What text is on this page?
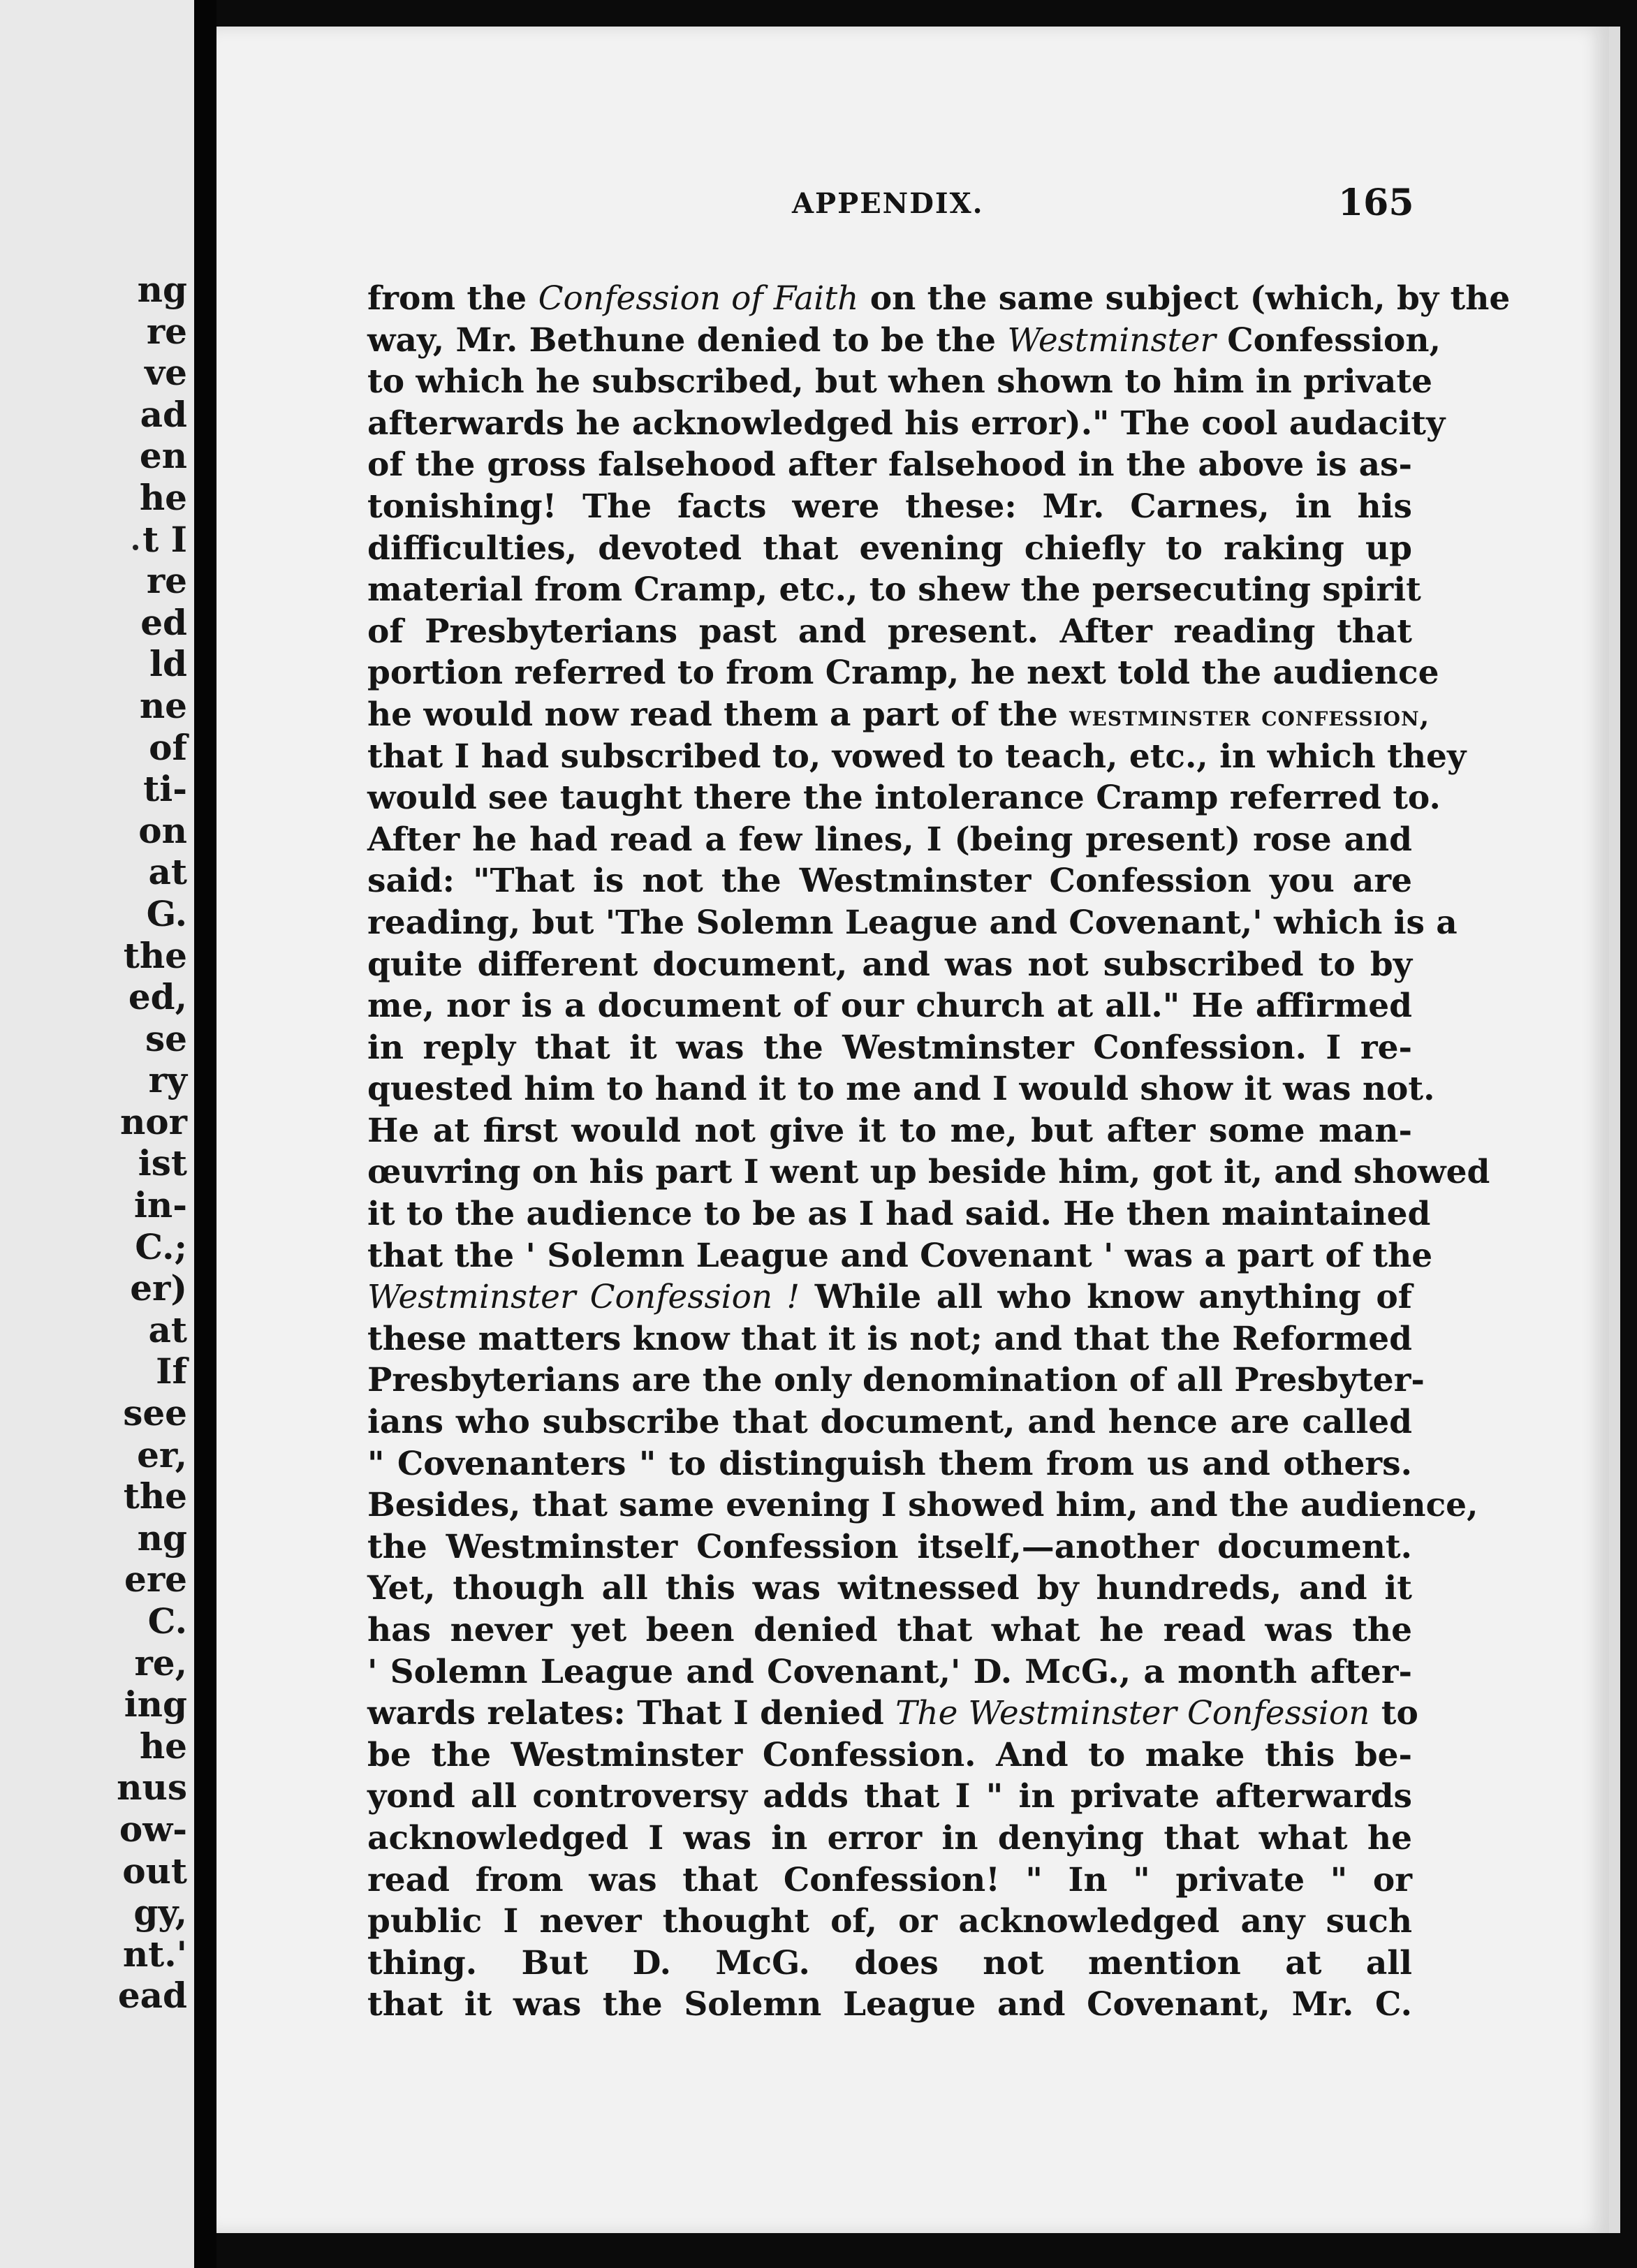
ng
re
ve
ad
en
he
t I
re
ed
ld
ne
of
ti-
on
at
G.
the
ed,
se
ry
nor
ist
in-
C.;
er)
at
If
see
er,
the
ng
ere
C.
re,
ing
he
nus
ow-
out
gy,
nt.'
ead
APPENDIX.	165
from the Confession of Faith on the same subject (which, by the
way, Mr. Bethune denied to be the Westminster Confession,
to which he subscribed, but when shown to him in private
afterwards he acknowledged his error)." The cool audacity
of the gross falsehood after falsehood in the above is as-
tonishing! The facts were these: Mr. Carnes, in his
difficulties, devoted that evening chiefly to raking up
material from Cramp, etc., to shew the persecuting spirit
of Presbyterians past and present. After reading that
portion referred to from Cramp, he next told the audience
he would now read them a part of the westminster confession,
that I had subscribed to, vowed to teach, etc., in which they
would see taught there the intolerance Cramp referred to.
After he had read a few lines, I (being present) rose and
said: "That is not the Westminster Confession you are
reading, but 'The Solemn League and Covenant,' which is a
quite different document, and was not subscribed to by
me, nor is a document of our church at all." He affirmed
in reply that it was the Westminster Confession. I re-
quested him to hand it to me and I would show it was not.
He at first would not give it to me, but after some man-
œuvring on his part I went up beside him, got it, and showed
it to the audience to be as I had said. He then maintained
that the ' Solemn League and Covenant ' was a part of the
Westminster Confession ! While all who know anything of
these matters know that it is not; and that the Reformed
Presbyterians are the only denomination of all Presbyter-
ians who subscribe that document, and hence are called
" Covenanters " to distinguish them from us and others.
Besides, that same evening I showed him, and the audience,
the Westminster Confession itself,—another document.
Yet, though all this was witnessed by hundreds, and it
has never yet been denied that what he read was the
' Solemn League and Covenant,' D. McG., a month after-
wards relates: That I denied The Westminster Confession to
be the Westminster Confession. And to make this be-
yond all controversy adds that I " in private afterwards
acknowledged I was in error in denying that what he
read from was that Confession! " In " private " or
public I never thought of, or acknowledged any such
thing. But D. McG. does not mention at all
that it was the Solemn League and Covenant, Mr. C.
